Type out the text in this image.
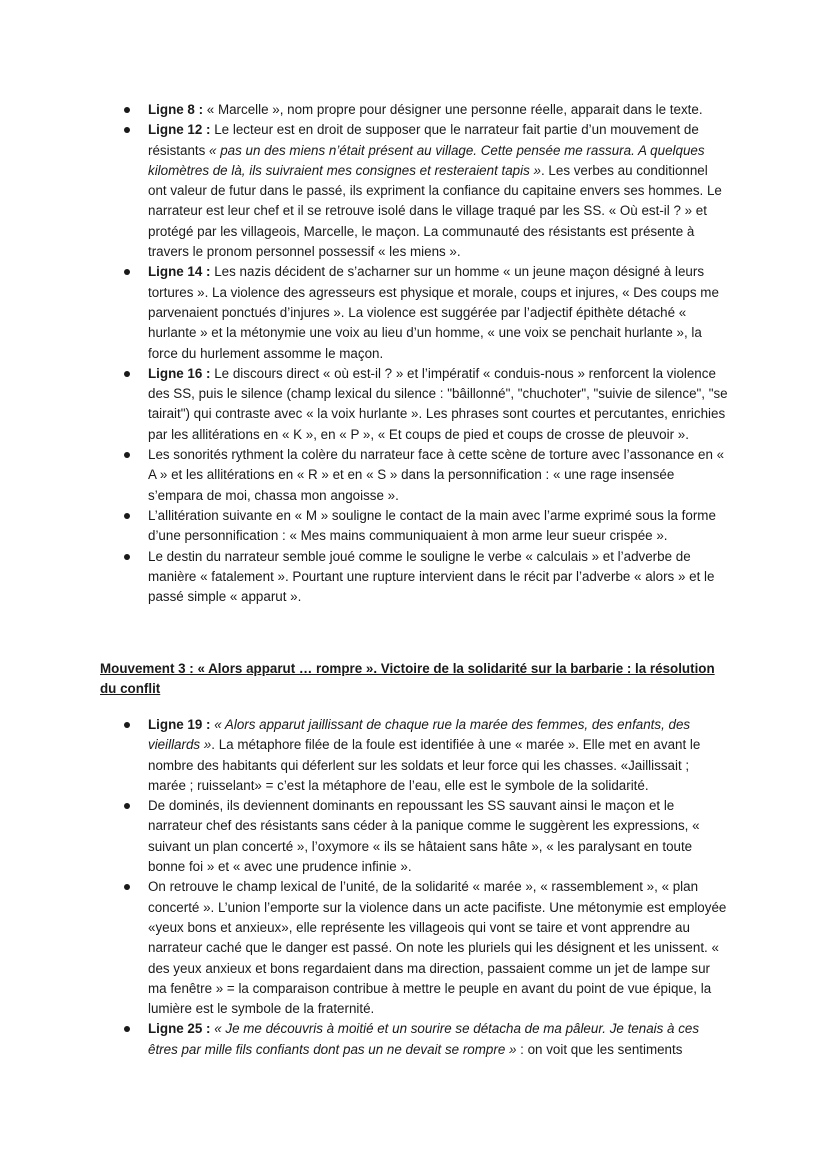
Ligne 8 : « Marcelle », nom propre pour désigner une personne réelle, apparait dans le texte.
Ligne 12 : Le lecteur est en droit de supposer que le narrateur fait partie d’un mouvement de résistants « pas un des miens n’était présent au village. Cette pensée me rassura. A quelques kilomètres de là, ils suivraient mes consignes et resteraient tapis ». Les verbes au conditionnel ont valeur de futur dans le passé, ils expriment la confiance du capitaine envers ses hommes. Le narrateur est leur chef et il se retrouve isolé dans le village traqué par les SS. « Où est-il ? » et protégé par les villageois, Marcelle, le maçon. La communauté des résistants est présente à travers le pronom personnel possessif « les miens ».
Ligne 14 : Les nazis décident de s’acharner sur un homme « un jeune maçon désigné à leurs tortures ». La violence des agresseurs est physique et morale, coups et injures, « Des coups me parvenaient ponctués d’injures ». La violence est suggérée par l’adjectif épithète détaché « hurlante » et la métonymie une voix au lieu d’un homme, « une voix se penchait hurlante », la force du hurlement assomme le maçon.
Ligne 16 : Le discours direct « où est-il ? » et l’impératif « conduis-nous » renforcent la violence des SS, puis le silence (champ lexical du silence : "bâillonné", "chuchoter", "suivie de silence", "se tairait") qui contraste avec « la voix hurlante ». Les phrases sont courtes et percutantes, enrichies par les allitérations en « K », en « P », « Et coups de pied et coups de crosse de pleuvoir ».
Les sonorités rythment la colère du narrateur face à cette scène de torture avec l’assonance en « A » et les allitérations en « R » et en « S » dans la personnification : « une rage insensée s’empara de moi, chassa mon angoisse ».
L’allitération suivante en « M » souligne le contact de la main avec l’arme exprimé sous la forme d’une personnification : « Mes mains communiquaient à mon arme leur sueur crispée ».
Le destin du narrateur semble joué comme le souligne le verbe « calculais » et l’adverbe de manière « fatalement ». Pourtant une rupture intervient dans le récit par l’adverbe « alors » et le passé simple « apparut ».
Mouvement 3 : « Alors apparut … rompre ». Victoire de la solidarité sur la barbarie : la résolution du conflit
Ligne 19 : « Alors apparut jaillissant de chaque rue la marée des femmes, des enfants, des vieillards ». La métaphore filée de la foule est identifiée à une « marée ». Elle met en avant le nombre des habitants qui déferlent sur les soldats et leur force qui les chasses. «Jaillissait ; marée ; ruisselant» = c’est la métaphore de l’eau, elle est le symbole de la solidarité.
De dominés, ils deviennent dominants en repoussant les SS sauvant ainsi le maçon et le narrateur chef des résistants sans céder à la panique comme le suggèrent les expressions, « suivant un plan concerté », l’oxymore « ils se hâtaient sans hâte », « les paralysant en toute bonne foi » et « avec une prudence infinie ».
On retrouve le champ lexical de l’unité, de la solidarité « marée », « rassemblement », « plan concerté ». L’union l’emporte sur la violence dans un acte pacifiste. Une métonymie est employée «yeux bons et anxieux», elle représente les villageois qui vont se taire et vont apprendre au narrateur caché que le danger est passé. On note les pluriels qui les désignent et les unissent. « des yeux anxieux et bons regardaient dans ma direction, passaient comme un jet de lampe sur ma fenêtre » = la comparaison contribue à mettre le peuple en avant du point de vue épique, la lumière est le symbole de la fraternité.
Ligne 25 : « Je me découvris à moitié et un sourire se détacha de ma pâleur. Je tenais à ces êtres par mille fils confiants dont pas un ne devait se rompre » : on voit que les sentiments
